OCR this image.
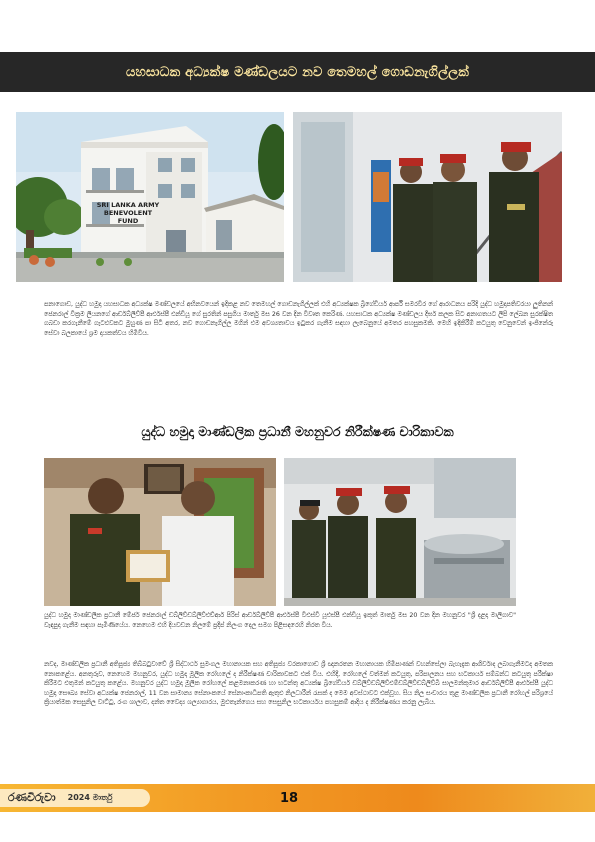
යහසාධක අධ්‍යක්ෂ මණ්ඩලයට නව තෙමහල් ගොඩනැගිල්ලක්
SRI LANKA ARMY
BENEVOLENT
FUND

පනාගොඩ, යුද්ධ හමුදා යහසාධක අධ්‍යක්ෂ මණ්ඩලයේ අභිනවයෙන් ඉදිකළ නව තෙමහල් ගොඩනැගිල්ලක් එහි අධ්‍යක්ෂක බ්‍රිගේඩියර් ආර්පී සමරවීර ගේ ආරාධනය පරිදි යුද්ධ හමුදාපතිවරයා ලුතිනන් ජෙනරාල් වික්‍රම ලියනගේ ආර්ඩබ්ලිව්පී ආර්එස්පී එන්ඩියූ ගේ සුරතින් පසුගිය මාර්තු මස 26 වන දින විවෘත කෙරිණ. යහසාධක අධ්‍යක්ෂ මණ්ඩලය දීර්ඝ කලක සිට අනාගතයට ලිපි ලේඛන සුරක්ෂිත ගබඩා කරගැනීමේ ගැටළුවකට මුහුණ පා සිටි අතර, නව ගොඩනැගිල්ල මගින් එම අවශ්‍යතාවය ඉටුකර ගැනීම සඳහා ලැබෙනුයේ අමතර පහසුකමකි. මෙහි ඉදිකිරීම් කටයුතු වෙනුවෙන් ඉංජිනේරු සේවා බලකායේ ශ්‍රම දායකත්වය හිමිවිය.

යුද්ධ හමුදා මාණ්ඩලික ප්‍රධානී මහනුවර නිරීක්ෂණ චාරිකාවක

යුද්ධ හමුදා මාණ්ඩලික ප්‍රධානී මේජර් ජෙනරාල් ඩබ්ලිව්ඩබ්ලිව්එච්ආර් පිරිස් ආර්ඩබ්ලිව්පී ආර්එස්පී විඑස්වී යූඑස්පී එන්ඩියූ ඉකුත් මාර්තු මස 20 වන දින මහනුවර "ශ්‍රී දළදා මාලිගාව" වැඳපුදා ගැනීම සඳහා පැමිණියේය. නෙහෙම එහි දියවඩන නිලමේ ප්‍රදීප් නිලංග දෙල සමග පිළිසඳරෙහි නිරත විය.

නවද, මාණ්ඩලික ප්‍රධානී අතිපූජ්‍ය තිබ්බටුවාවේ ශ්‍රී සිද්ධාර්ථ සුමංගල මහානායක සහ අතිපූජ්‍ය වරකාගොඩ ශ්‍රී ඥානරතන මහානායක හිමිපාණන් වහන්සේලා බැහැදැක ආශිර්වාද ලබාගැනීමටද අමතක නොකළේය. අනතුරුව, නෙහෙම මහනුවර, යුද්ධ හමුදා මූලික රෝහලේ ද නිරීක්ෂණ චාරිකාවකට එක් විය. එහිදී, රෝහලේ වත්මන් කටයුතු, පරිපාලනය සහ භටකාර්ය සම්බන්ධ කටයුතු පරීක්ෂා කිරීමට එතුමන් කටයුතු කළේය. මහනුවර යුද්ධ හමුදා මූලික රෝහලේ කළමනාකරණ හා භටන්තු අධ්‍යක්ෂ බ්‍රිගේඩියර් ඩබ්ලිව්ඩබ්ලිව්එම්ඩබ්ලිව්ඩබ්ලිව්බී සාලමන්කුමාර ආර්ඩබ්ලිව්පී ආර්එස්පී යුද්ධ හමුදා සෞඛ්‍ය සේවා අධ්‍යක්ෂ ජෙනරාල්, 11 වන සාමාන්‍ය සේනාංකයේ සේනාංකාධිපති ඇතුළු නිලධාරීන් රැසක් ද මෙම අවස්ථාවට එක්වූහ. සිය නිල සංචාරය තුළ මාණ්ඩලික ප්‍රධානී රෝහල් පරිශ්‍රයේ ක්‍රියාත්මක සෙසුනිල වාට්ටු, රංග ශාලාව, දන්ත වෛද්‍ය ශල්‍යාගාරය, මුළුතැන්ගෙය සහ සෙසුනිල භටකාර්යය පහසුකම් ආදිය ද නිරීක්ෂණය කරනු ලැබීය.

රණවිරුවා 2024 මාර්තු	18
